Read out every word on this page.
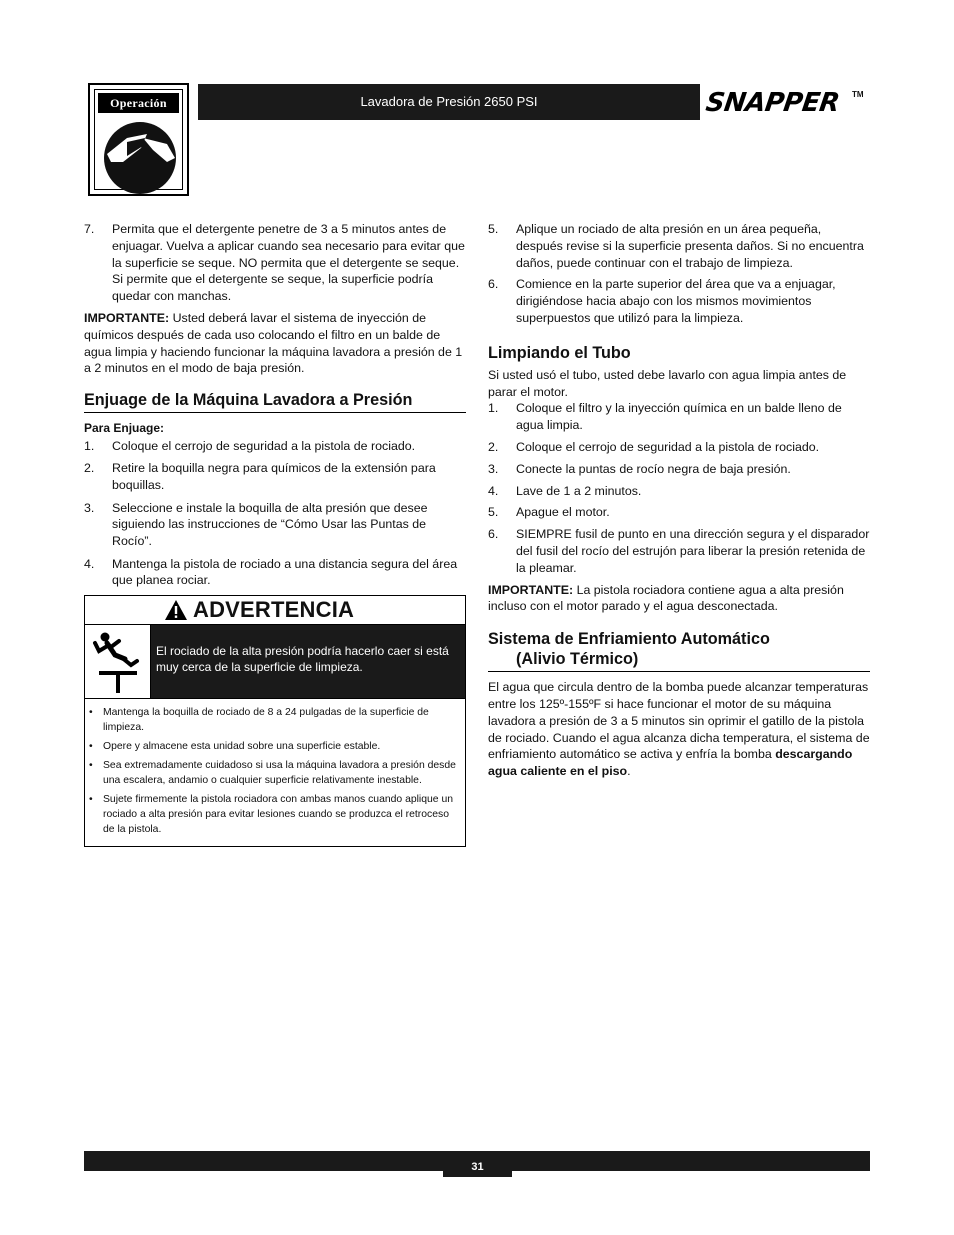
Operación	Lavadora de Presión 2650 PSI	SNAPPER TM
7. Permita que el detergente penetre de 3 a 5 minutos antes de enjuagar. Vuelva a aplicar cuando sea necesario para evitar que la superficie se seque. NO permita que el detergente se seque. Si permite que el detergente se seque, la superficie podría quedar con manchas.

IMPORTANTE: Usted deberá lavar el sistema de inyección de químicos después de cada uso colocando el filtro en un balde de agua limpia y haciendo funcionar la máquina lavadora a presión de 1 a 2 minutos en el modo de baja presión.

Enjuage de la Máquina Lavadora a Presión
Para Enjuage:
1. Coloque el cerrojo de seguridad a la pistola de rociado.
2. Retire la boquilla negra para químicos de la extensión para boquillas.
3. Seleccione e instale la boquilla de alta presión que desee siguiendo las instrucciones de “Cómo Usar las Puntas de Rocío”.
4. Mantenga la pistola de rociado a una distancia segura del área que planea rociar.
ADVERTENCIA
El rociado de la alta presión podría hacerlo caer si está muy cerca de la superficie de limpieza.
• Mantenga la boquilla de rociado de 8 a 24 pulgadas de la superficie de limpieza.
• Opere y almacene esta unidad sobre una superficie estable.
• Sea extremadamente cuidadoso si usa la máquina lavadora a presión desde una escalera, andamio o cualquier superficie relativamente inestable.
• Sujete firmemente la pistola rociadora con ambas manos cuando aplique un rociado a alta presión para evitar lesiones cuando se produzca el retroceso de la pistola.
5. Aplique un rociado de alta presión en un área pequeña, después revise si la superficie presenta daños. Si no encuentra daños, puede continuar con el trabajo de limpieza.
6. Comience en la parte superior del área que va a enjuagar, dirigiéndose hacia abajo con los mismos movimientos superpuestos que utilizó para la limpieza.
Limpiando el Tubo

Si usted usó el tubo, usted debe lavarlo con agua limpia antes de parar el motor.

1. Coloque el filtro y la inyección química en un balde lleno de agua limpia.
2. Coloque el cerrojo de seguridad a la pistola de rociado.
3. Conecte la puntas de rocío negra de baja presión.
4. Lave de 1 a 2 minutos.
5. Apague el motor.
6. SIEMPRE fusil de punto en una dirección segura y el disparador del fusil del rocío del estrujón para liberar la presión retenida de la pleamar.

IMPORTANTE: La pistola rociadora contiene agua a alta presión incluso con el motor parado y el agua desconectada.

Sistema de Enfriamiento Automático
(Alivio Térmico)

El agua que circula dentro de la bomba puede alcanzar temperaturas entre los 125º-155ºF si hace funcionar el motor de su máquina lavadora a presión de 3 a 5 minutos sin oprimir el gatillo de la pistola de rociado. Cuando el agua alcanza dicha temperatura, el sistema de enfriamiento automático se activa y enfría la bomba descargando agua caliente en el piso.

31
